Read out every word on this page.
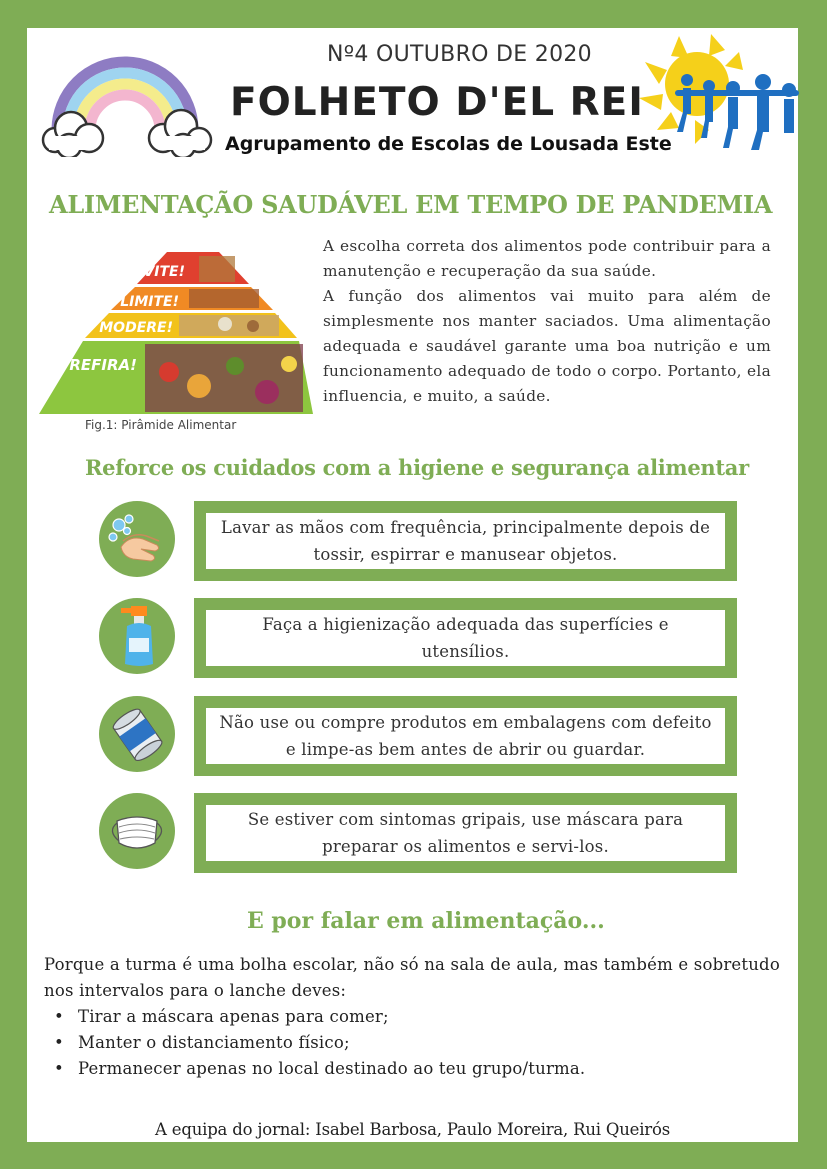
Nº4 OUTUBRO DE 2020
FOLHETO D'EL REI
Agrupamento de Escolas de Lousada Este
ALIMENTAÇÃO SAUDÁVEL EM TEMPO DE PANDEMIA
EVITE!
LIMITE!
MODERE!
PREFIRA!
Fig.1: Pirâmide Alimentar

A escolha correta dos alimentos pode contribuir para a manutenção e recuperação da sua saúde.

A função dos alimentos vai muito para além de simplesmente nos manter saciados. Uma alimentação adequada e saudável garante uma boa nutrição e um funcionamento adequado de todo o corpo. Portanto, ela influencia, e muito, a saúde.

Reforce os cuidados com a higiene e segurança alimentar
Lavar as mãos com frequência, principalmente depois de tossir, espirrar e manusear objetos.
Faça a higienização adequada das superfícies e utensílios.
Não use ou compre produtos em embalagens com defeito e limpe-as bem antes de abrir ou guardar.
Se estiver com sintomas gripais, use máscara para preparar os alimentos e servi-los.
E por falar em alimentação...

Porque a turma é uma bolha escolar, não só na sala de aula, mas também e sobretudo nos intervalos para o lanche deves:

• Tirar a máscara apenas para comer;
• Manter o distanciamento físico;
• Permanecer apenas no local destinado ao teu grupo/turma.
A equipa do jornal: Isabel Barbosa, Paulo Moreira, Rui Queirós
